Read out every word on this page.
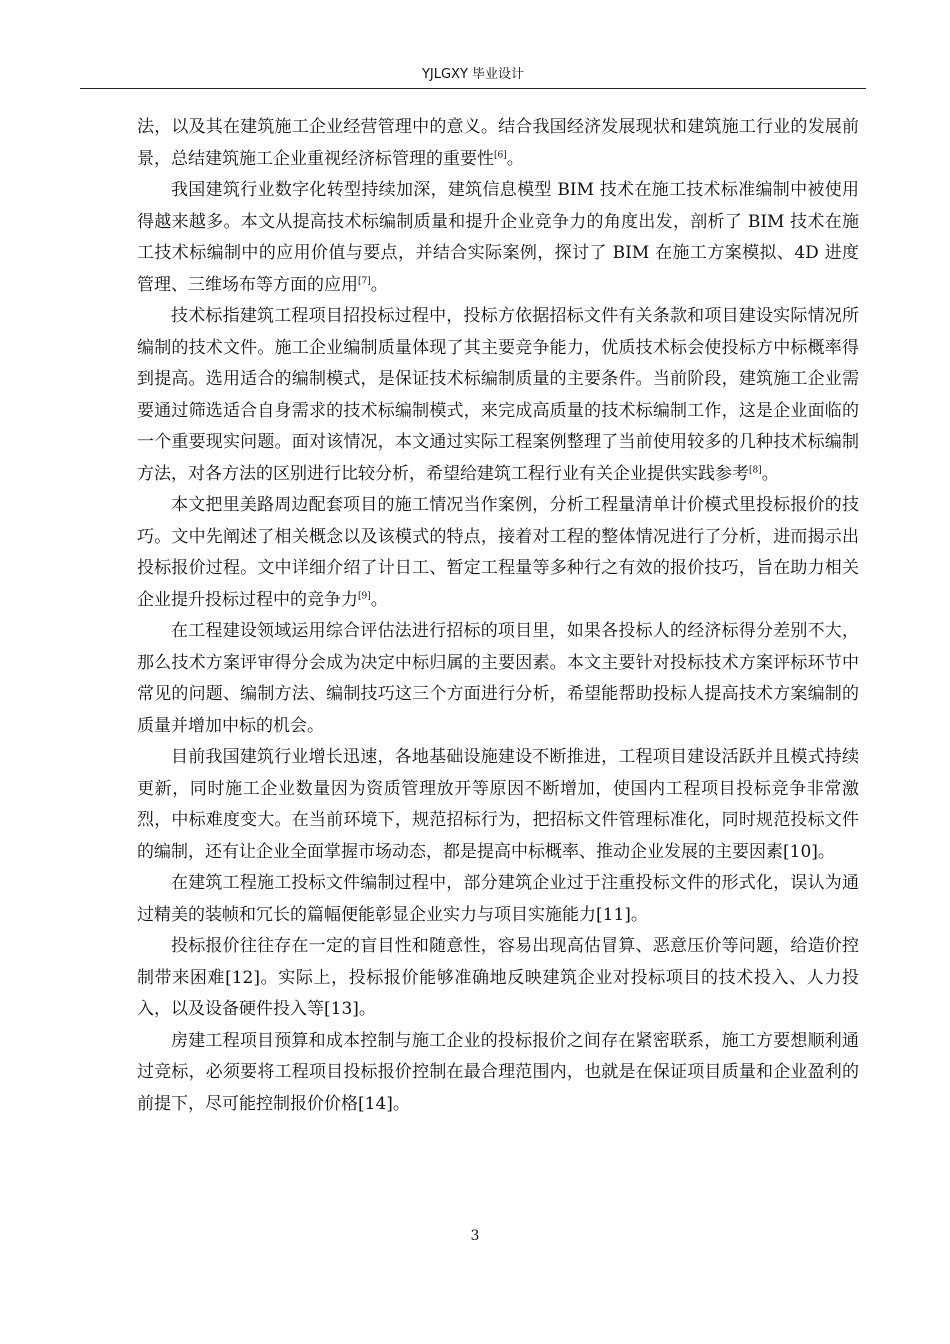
YJLGXY 毕业设计

法，以及其在建筑施工企业经营管理中的意义。结合我国经济发展现状和建筑施工行业的发展前景，总结建筑施工企业重视经济标管理的重要性[6]。

我国建筑行业数字化转型持续加深，建筑信息模型 BIM 技术在施工技术标准编制中被使用得越来越多。本文从提高技术标编制质量和提升企业竞争力的角度出发，剖析了 BIM 技术在施工技术标编制中的应用价值与要点，并结合实际案例，探讨了 BIM 在施工方案模拟、4D 进度管理、三维场布等方面的应用[7]。

技术标指建筑工程项目招投标过程中，投标方依据招标文件有关条款和项目建设实际情况所编制的技术文件。施工企业编制质量体现了其主要竞争能力，优质技术标会使投标方中标概率得到提高。选用适合的编制模式，是保证技术标编制质量的主要条件。当前阶段，建筑施工企业需要通过筛选适合自身需求的技术标编制模式，来完成高质量的技术标编制工作，这是企业面临的一个重要现实问题。面对该情况，本文通过实际工程案例整理了当前使用较多的几种技术标编制方法，对各方法的区别进行比较分析，希望给建筑工程行业有关企业提供实践参考[8]。

本文把里美路周边配套项目的施工情况当作案例，分析工程量清单计价模式里投标报价的技巧。文中先阐述了相关概念以及该模式的特点，接着对工程的整体情况进行了分析，进而揭示出投标报价过程。文中详细介绍了计日工、暂定工程量等多种行之有效的报价技巧，旨在助力相关企业提升投标过程中的竞争力[9]。

在工程建设领域运用综合评估法进行招标的项目里，如果各投标人的经济标得分差别不大，那么技术方案评审得分会成为决定中标归属的主要因素。本文主要针对投标技术方案评标环节中常见的问题、编制方法、编制技巧这三个方面进行分析，希望能帮助投标人提高技术方案编制的质量并增加中标的机会。

目前我国建筑行业增长迅速，各地基础设施建设不断推进，工程项目建设活跃并且模式持续更新，同时施工企业数量因为资质管理放开等原因不断增加，使国内工程项目投标竞争非常激烈，中标难度变大。在当前环境下，规范招标行为，把招标文件管理标准化，同时规范投标文件的编制，还有让企业全面掌握市场动态，都是提高中标概率、推动企业发展的主要因素[10]。

在建筑工程施工投标文件编制过程中，部分建筑企业过于注重投标文件的形式化，误认为通过精美的装帧和冗长的篇幅便能彰显企业实力与项目实施能力[11]。

投标报价往往存在一定的盲目性和随意性，容易出现高估冒算、恶意压价等问题，给造价控制带来困难[12]。实际上，投标报价能够准确地反映建筑企业对投标项目的技术投入、人力投入，以及设备硬件投入等[13]。

房建工程项目预算和成本控制与施工企业的投标报价之间存在紧密联系，施工方要想顺利通过竞标，必须要将工程项目投标报价控制在最合理范围内，也就是在保证项目质量和企业盈利的前提下，尽可能控制报价价格[14]。

3
